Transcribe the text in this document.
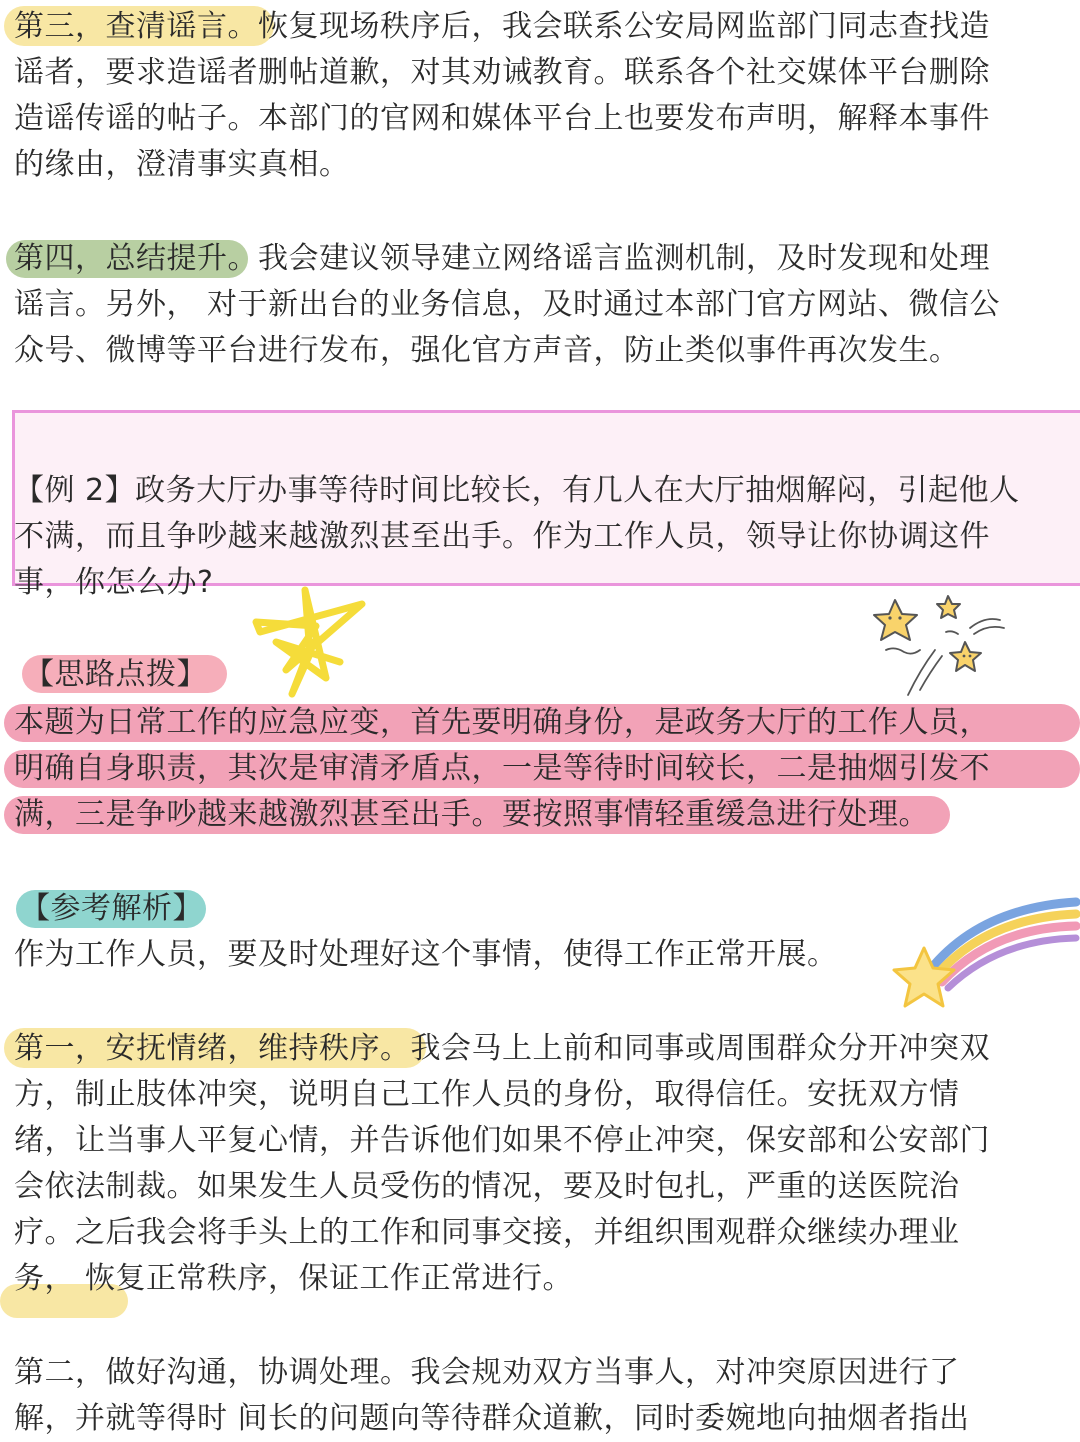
第三，查清谣言。恢复现场秩序后，我会联系公安局网监部门同志查找造
谣者，要求造谣者删帖道歉，对其劝诫教育。联系各个社交媒体平台删除
造谣传谣的帖子。本部门的官网和媒体平台上也要发布声明，解释本事件
的缘由，澄清事实真相。
第四，总结提升。我会建议领导建立网络谣言监测机制，及时发现和处理
谣言。另外， 对于新出台的业务信息，及时通过本部门官方网站、微信公
众号、微博等平台进行发布，强化官方声音，防止类似事件再次发生。
【例 2】政务大厅办事等待时间比较长，有几人在大厅抽烟解闷，引起他人
不满，而且争吵越来越激烈甚至出手。作为工作人员，领导让你协调这件
事，你怎么办?
【思路点拨】
本题为日常工作的应急应变，首先要明确身份，是政务大厅的工作人员，
明确自身职责，其次是审清矛盾点，一是等待时间较长，二是抽烟引发不
满，三是争吵越来越激烈甚至出手。要按照事情轻重缓急进行处理。
【参考解析】
作为工作人员，要及时处理好这个事情，使得工作正常开展。
第一，安抚情绪，维持秩序。我会马上上前和同事或周围群众分开冲突双
方，制止肢体冲突，说明自己工作人员的身份，取得信任。安抚双方情
绪，让当事人平复心情，并告诉他们如果不停止冲突，保安部和公安部门
会依法制裁。如果发生人员受伤的情况，要及时包扎，严重的送医院治
疗。之后我会将手头上的工作和同事交接，并组织围观群众继续办理业
务， 恢复正常秩序，保证工作正常进行。
第二，做好沟通，协调处理。我会规劝双方当事人，对冲突原因进行了
解，并就等得时 间长的问题向等待群众道歉，同时委婉地向抽烟者指出
